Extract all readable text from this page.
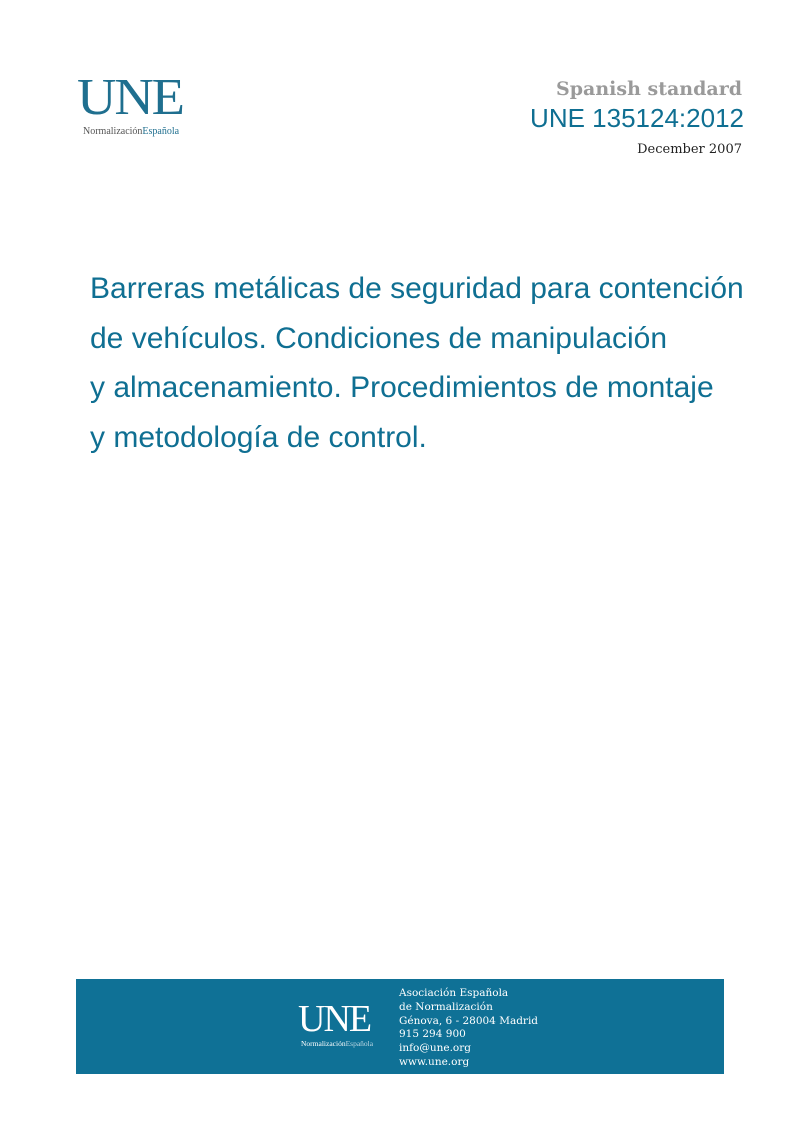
UNE
NormalizaciónEspañola
Spanish standard
UNE 135124:2012
December 2007
Barreras metálicas de seguridad para contención
de vehículos. Condiciones de manipulación
y almacenamiento. Procedimientos de montaje
y metodología de control.
UNE
NormalizaciónEspañola
Asociación Española
de Normalización
Génova, 6 - 28004 Madrid
915 294 900
info@une.org
www.une.org
